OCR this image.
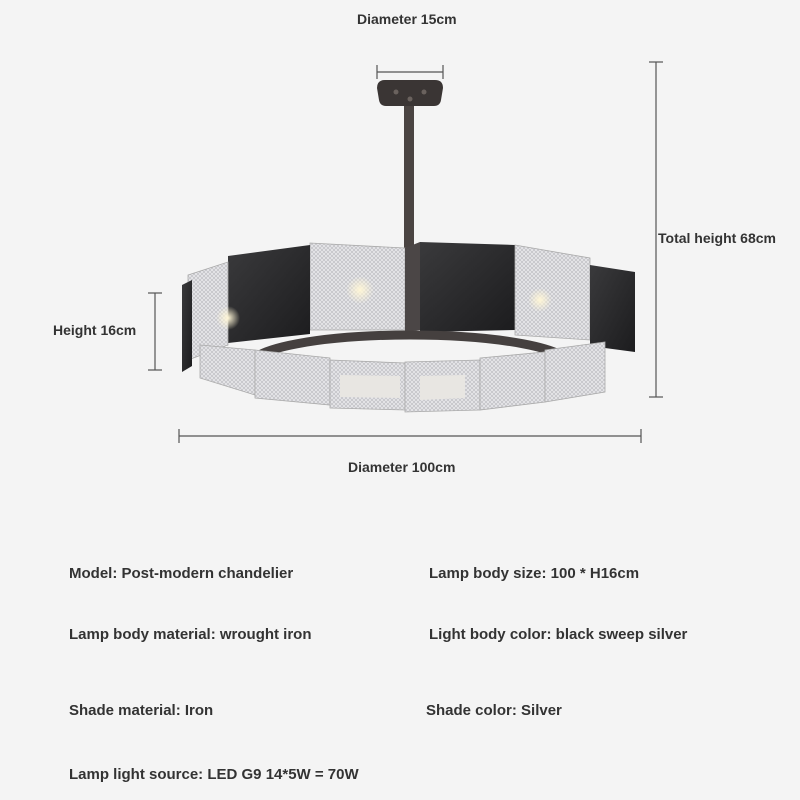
Diameter 15cm
Height 16cm
Total height 68cm
Diameter 100cm
Model: Post-modern chandelier	Lamp body size: 100 * H16cm
Lamp body material: wrought iron	Light body color: black sweep silver
Shade material: Iron	Shade color: Silver
Lamp light source: LED G9 14*5W = 70W
